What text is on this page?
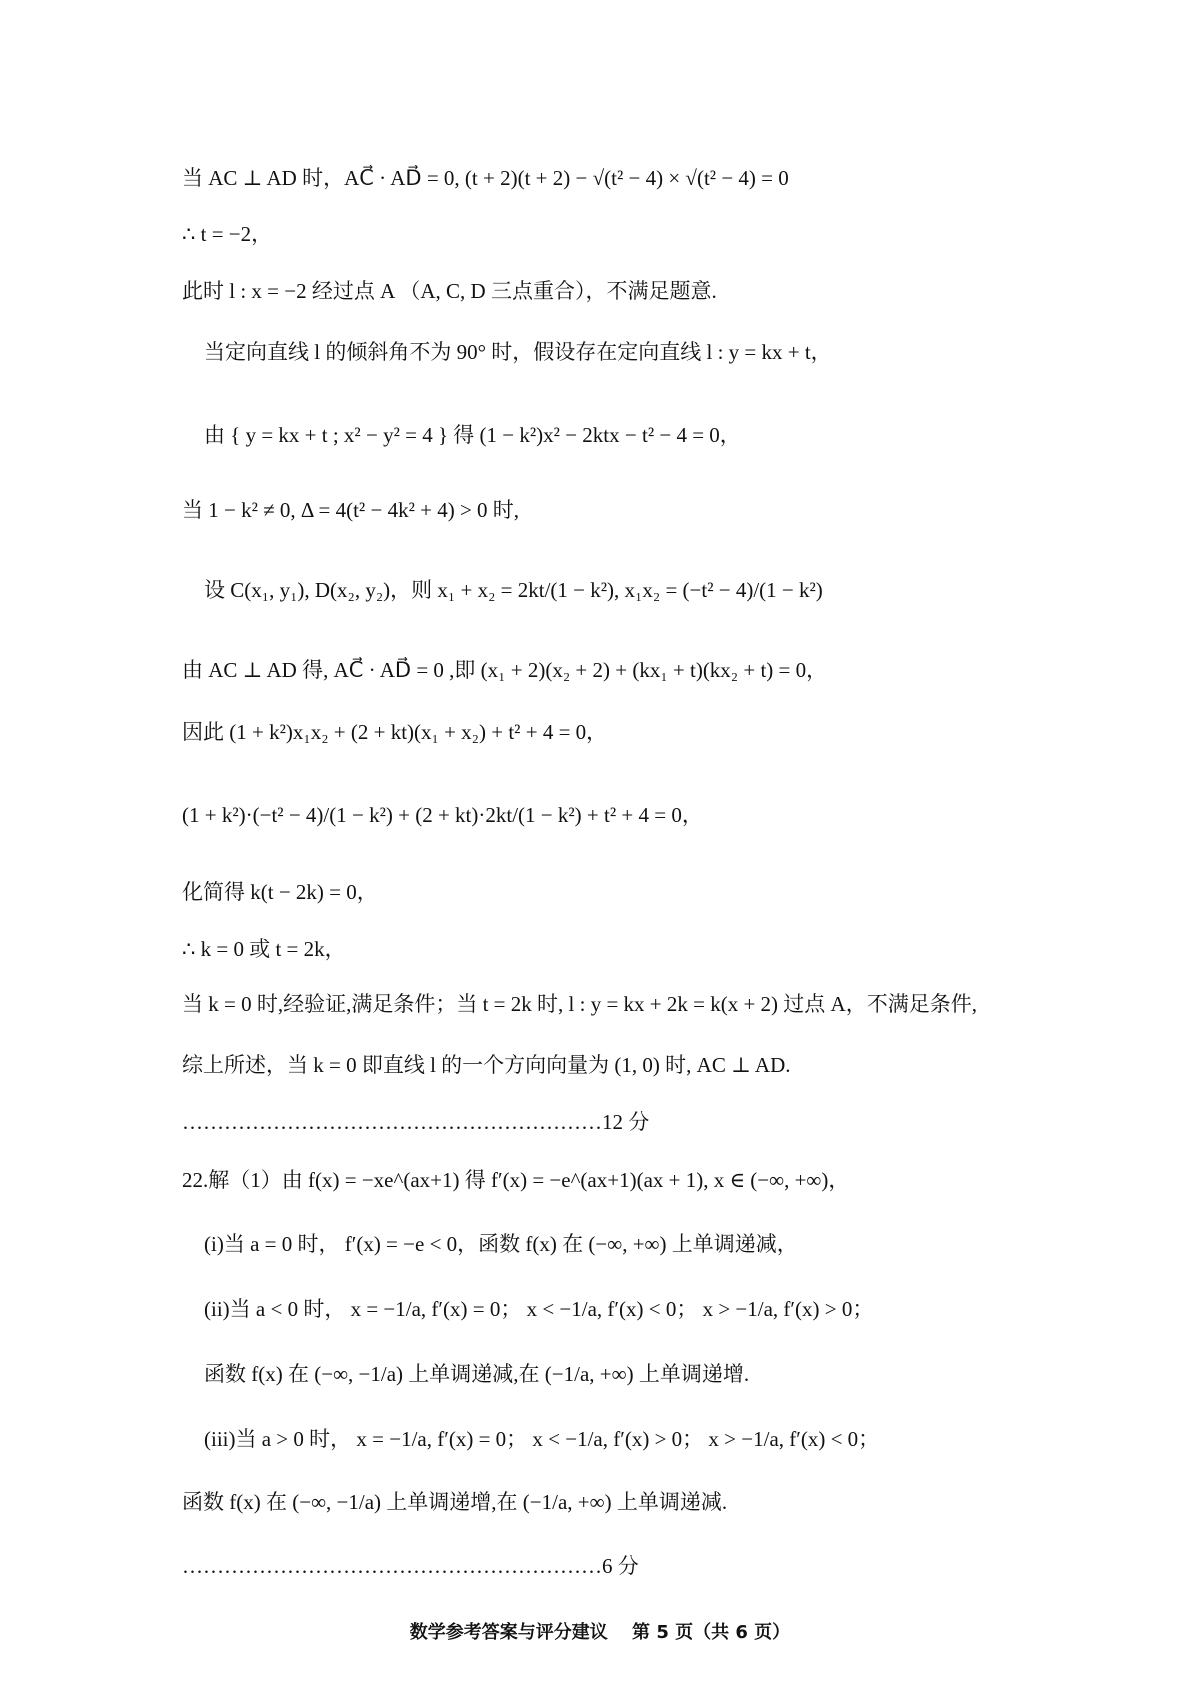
当 AC ⊥ AD 时，AC⃗ · AD⃗ = 0, (t + 2)(t + 2) − √(t² − 4) × √(t² − 4) = 0
∴ t = −2，
此时 l : x = −2 经过点 A （A, C, D 三点重合），不满足题意.
当定向直线 l 的倾斜角不为 90° 时，假设存在定向直线 l : y = kx + t，
由 { y = kx + t ; x² − y² = 4 } 得 (1 − k²)x² − 2ktx − t² − 4 = 0，
当 1 − k² ≠ 0, Δ = 4(t² − 4k² + 4) > 0 时,
设 C(x₁, y₁), D(x₂, y₂)，则 x₁ + x₂ = 2kt/(1 − k²), x₁x₂ = (−t² − 4)/(1 − k²)
由 AC ⊥ AD 得, AC⃗ · AD⃗ = 0 ,即 (x₁ + 2)(x₂ + 2) + (kx₁ + t)(kx₂ + t) = 0，
因此 (1 + k²)x₁x₂ + (2 + kt)(x₁ + x₂) + t² + 4 = 0，
(1 + k²)·(−t² − 4)/(1 − k²) + (2 + kt)·2kt/(1 − k²) + t² + 4 = 0，
化简得 k(t − 2k) = 0，
∴ k = 0 或 t = 2k，
当 k = 0 时,经验证,满足条件；当 t = 2k 时, l : y = kx + 2k = k(x + 2) 过点 A，不满足条件,
综上所述，当 k = 0 即直线 l 的一个方向向量为 (1, 0) 时, AC ⊥ AD.
……………………………………………………12 分
22.解（1）由 f(x) = −xe^(ax+1) 得 f′(x) = −e^(ax+1)(ax + 1), x ∈ (−∞, +∞)，
(i)当 a = 0 时， f′(x) = −e < 0，函数 f(x) 在 (−∞, +∞) 上单调递减，
(ii)当 a < 0 时， x = −1/a, f′(x) = 0； x < −1/a, f′(x) < 0； x > −1/a, f′(x) > 0；
函数 f(x) 在 (−∞, −1/a) 上单调递减,在 (−1/a, +∞) 上单调递增.
(iii)当 a > 0 时， x = −1/a, f′(x) = 0； x < −1/a, f′(x) > 0； x > −1/a, f′(x) < 0；
函数 f(x) 在 (−∞, −1/a) 上单调递增,在 (−1/a, +∞) 上单调递减.
……………………………………………………6 分
数学参考答案与评分建议　 第 5 页（共 6 页）
